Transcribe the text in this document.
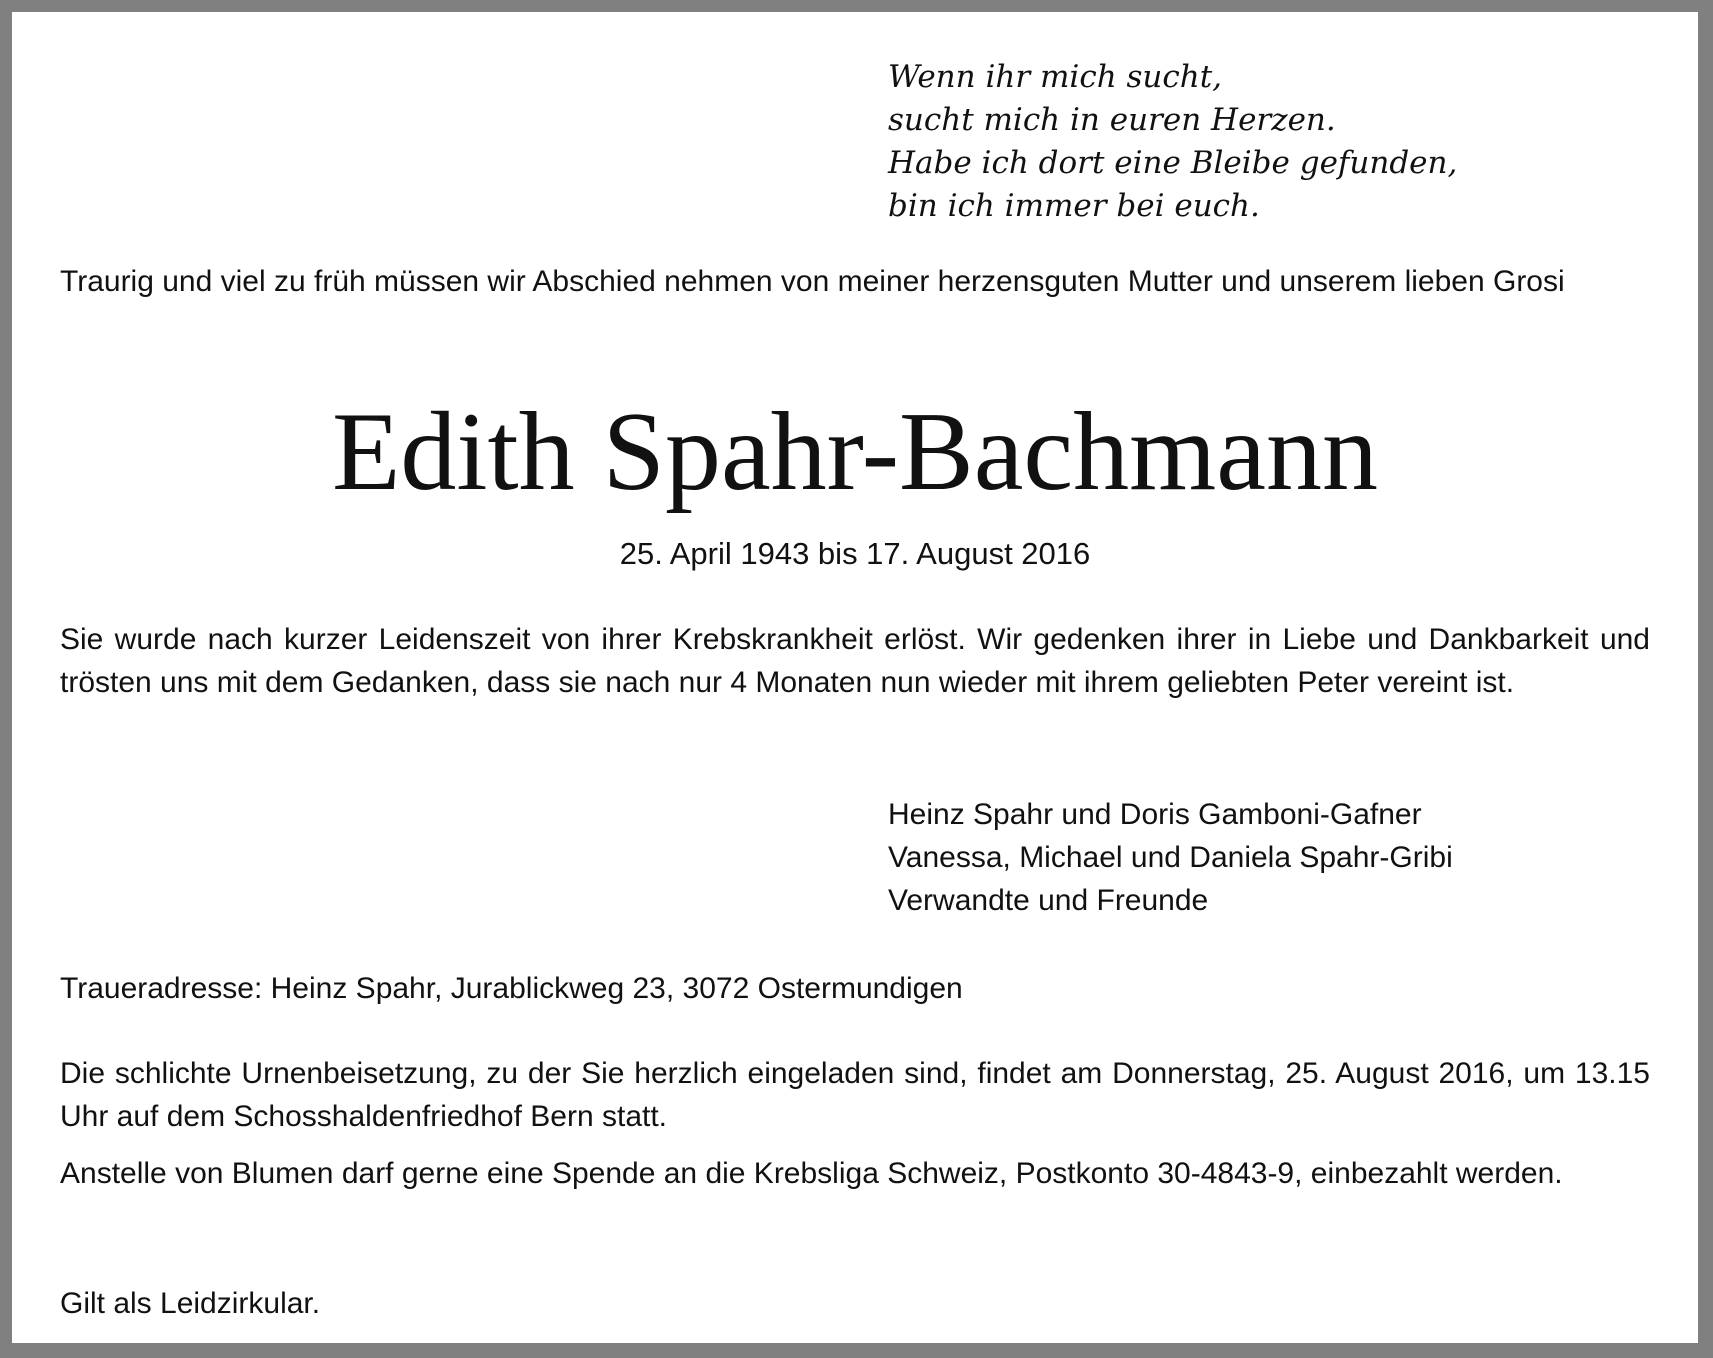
Wenn ihr mich sucht,
sucht mich in euren Herzen.
Habe ich dort eine Bleibe gefunden,
bin ich immer bei euch.
Traurig und viel zu früh müssen wir Abschied nehmen von meiner herzensguten Mutter und unserem lieben Grosi
Edith Spahr-Bachmann
25. April 1943 bis 17. August 2016
Sie wurde nach kurzer Leidenszeit von ihrer Krebskrankheit erlöst. Wir gedenken ihrer in Liebe und Dankbarkeit und trösten uns mit dem Gedanken, dass sie nach nur 4 Monaten nun wieder mit ihrem geliebten Peter vereint ist.
Heinz Spahr und Doris Gamboni-Gafner
Vanessa, Michael und Daniela Spahr-Gribi
Verwandte und Freunde
Traueradresse: Heinz Spahr, Jurablickweg 23, 3072 Ostermundigen
Die schlichte Urnenbeisetzung, zu der Sie herzlich eingeladen sind, findet am Donnerstag, 25. August 2016, um 13.15 Uhr auf dem Schosshaldenfriedhof Bern statt.
Anstelle von Blumen darf gerne eine Spende an die Krebsliga Schweiz, Postkonto 30-4843-9, einbezahlt werden.
Gilt als Leidzirkular.
